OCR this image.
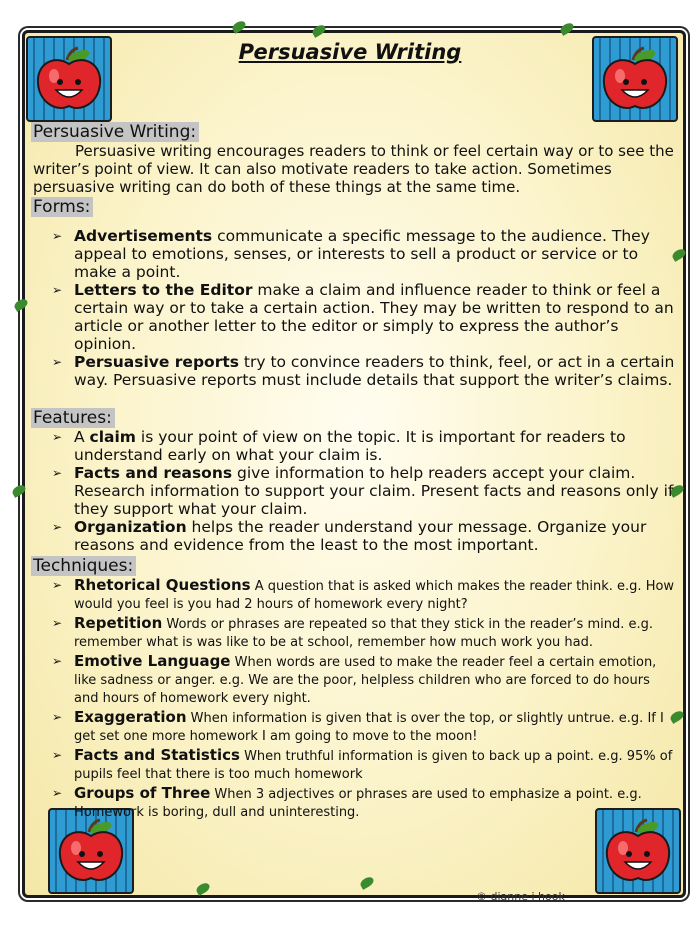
Persuasive Writing
Persuasive Writing:
Persuasive writing encourages readers to think or feel certain way or to see the writer’s point of view. It can also motivate readers to take action. Sometimes persuasive writing can do both of these things at the same time.
Forms:
➢ Advertisements communicate a specific message to the audience. They appeal to emotions, senses, or interests to sell a product or service or to make a point.
➢ Letters to the Editor make a claim and influence reader to think or feel a certain way or to take a certain action. They may be written to respond to an article or another letter to the editor or simply to express the author’s opinion.
➢ Persuasive reports try to convince readers to think, feel, or act in a certain way. Persuasive reports must include details that support the writer’s claims.
Features:
➢ A claim is your point of view on the topic. It is important for readers to understand early on what your claim is.
➢ Facts and reasons give information to help readers accept your claim. Research information to support your claim. Present facts and reasons only if they support what your claim.
➢ Organization helps the reader understand your message. Organize your reasons and evidence from the least to the most important.
Techniques:
➢ Rhetorical Questions A question that is asked which makes the reader think. e.g. How would you feel is you had 2 hours of homework every night?
➢ Repetition Words or phrases are repeated so that they stick in the reader’s mind. e.g. remember what is was like to be at school, remember how much work you had.
➢ Emotive Language When words are used to make the reader feel a certain emotion, like sadness or anger. e.g. We are the poor, helpless children who are forced to do hours and hours of homework every night.
➢ Exaggeration When information is given that is over the top, or slightly untrue. e.g. If I get set one more homework I am going to move to the moon!
➢ Facts and Statistics When truthful information is given to back up a point. e.g. 95% of pupils feel that there is too much homework
➢ Groups of Three When 3 adjectives or phrases are used to emphasize a point. e.g. Homework is boring, dull and uninteresting.
© dianne j hook
